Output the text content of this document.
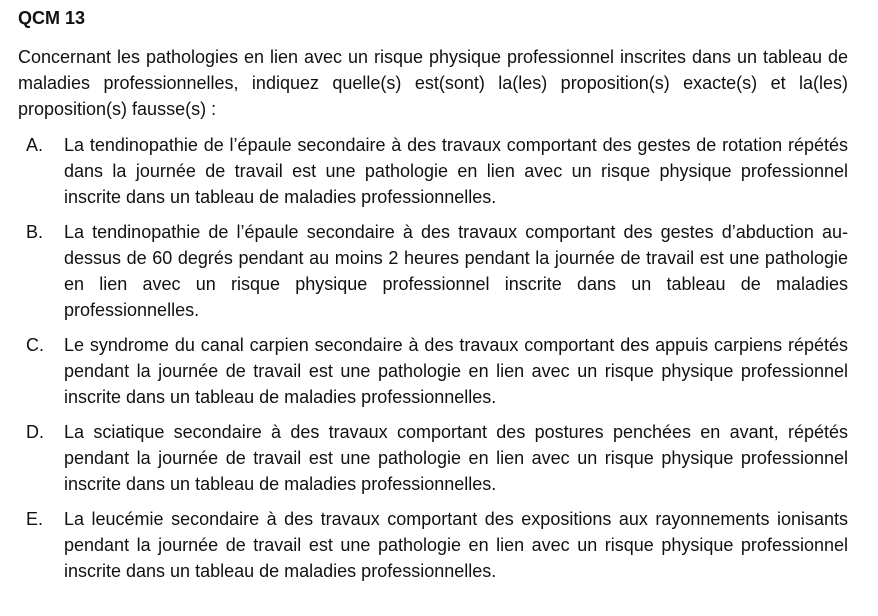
QCM 13

Concernant les pathologies en lien avec un risque physique professionnel inscrites dans un tableau de maladies professionnelles, indiquez quelle(s) est(sont) la(les) proposition(s) exacte(s) et la(les) proposition(s) fausse(s) :

A.	La tendinopathie de l’épaule secondaire à des travaux comportant des gestes de rotation répétés dans la journée de travail est une pathologie en lien avec un risque physique professionnel inscrite dans un tableau de maladies professionnelles.
B.	La tendinopathie de l’épaule secondaire à des travaux comportant des gestes d’abduction au-dessus de 60 degrés pendant au moins 2 heures pendant la journée de travail est une pathologie en lien avec un risque physique professionnel inscrite dans un tableau de maladies professionnelles.
C.	Le syndrome du canal carpien secondaire à des travaux comportant des appuis carpiens répétés pendant la journée de travail est une pathologie en lien avec un risque physique professionnel inscrite dans un tableau de maladies professionnelles.
D.	La sciatique secondaire à des travaux comportant des postures penchées en avant, répétés pendant la journée de travail est une pathologie en lien avec un risque physique professionnel inscrite dans un tableau de maladies professionnelles.
E.	La leucémie secondaire à des travaux comportant des expositions aux rayonnements ionisants pendant la journée de travail est une pathologie en lien avec un risque physique professionnel inscrite dans un tableau de maladies professionnelles.
